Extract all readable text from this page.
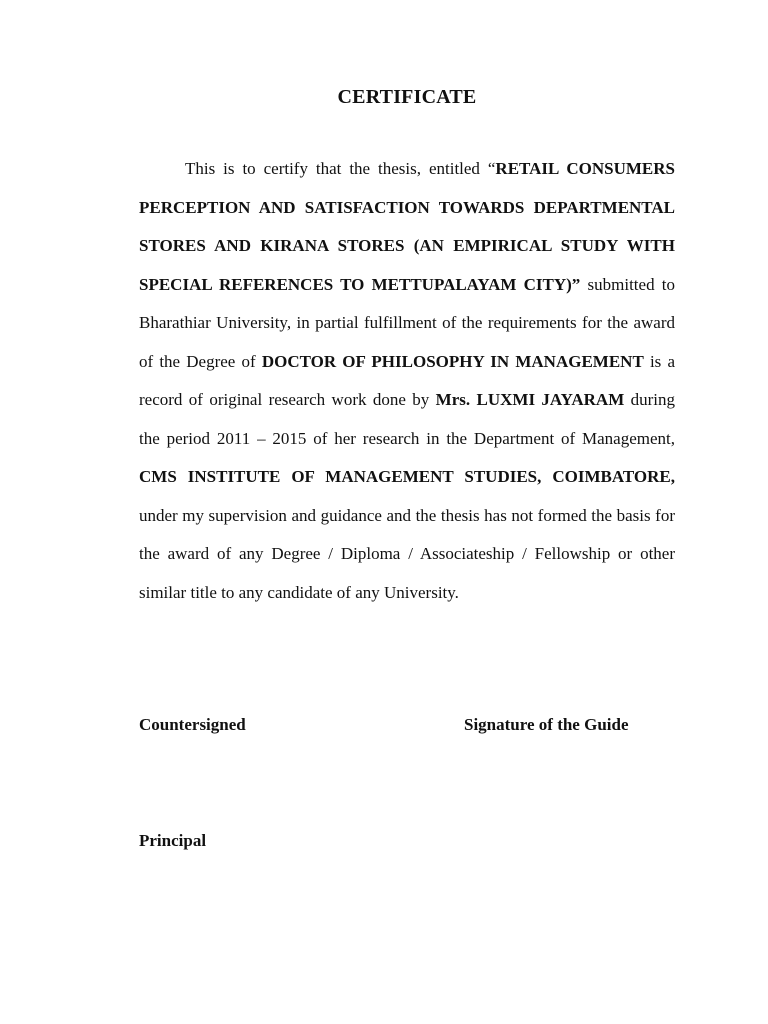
CERTIFICATE

This is to certify that the thesis, entitled “RETAIL CONSUMERS PERCEPTION AND SATISFACTION TOWARDS DEPARTMENTAL STORES AND KIRANA STORES (AN EMPIRICAL STUDY WITH SPECIAL REFERENCES TO METTUPALAYAM CITY)” submitted to Bharathiar University, in partial fulfillment of the requirements for the award of the Degree of DOCTOR OF PHILOSOPHY IN MANAGEMENT is a record of original research work done by Mrs. LUXMI JAYARAM during the period 2011 – 2015 of her research in the Department of Management, CMS INSTITUTE OF MANAGEMENT STUDIES, COIMBATORE, under my supervision and guidance and the thesis has not formed the basis for the award of any Degree / Diploma / Associateship / Fellowship or other similar title to any candidate of any University.

Countersigned	Signature of the Guide
Principal
